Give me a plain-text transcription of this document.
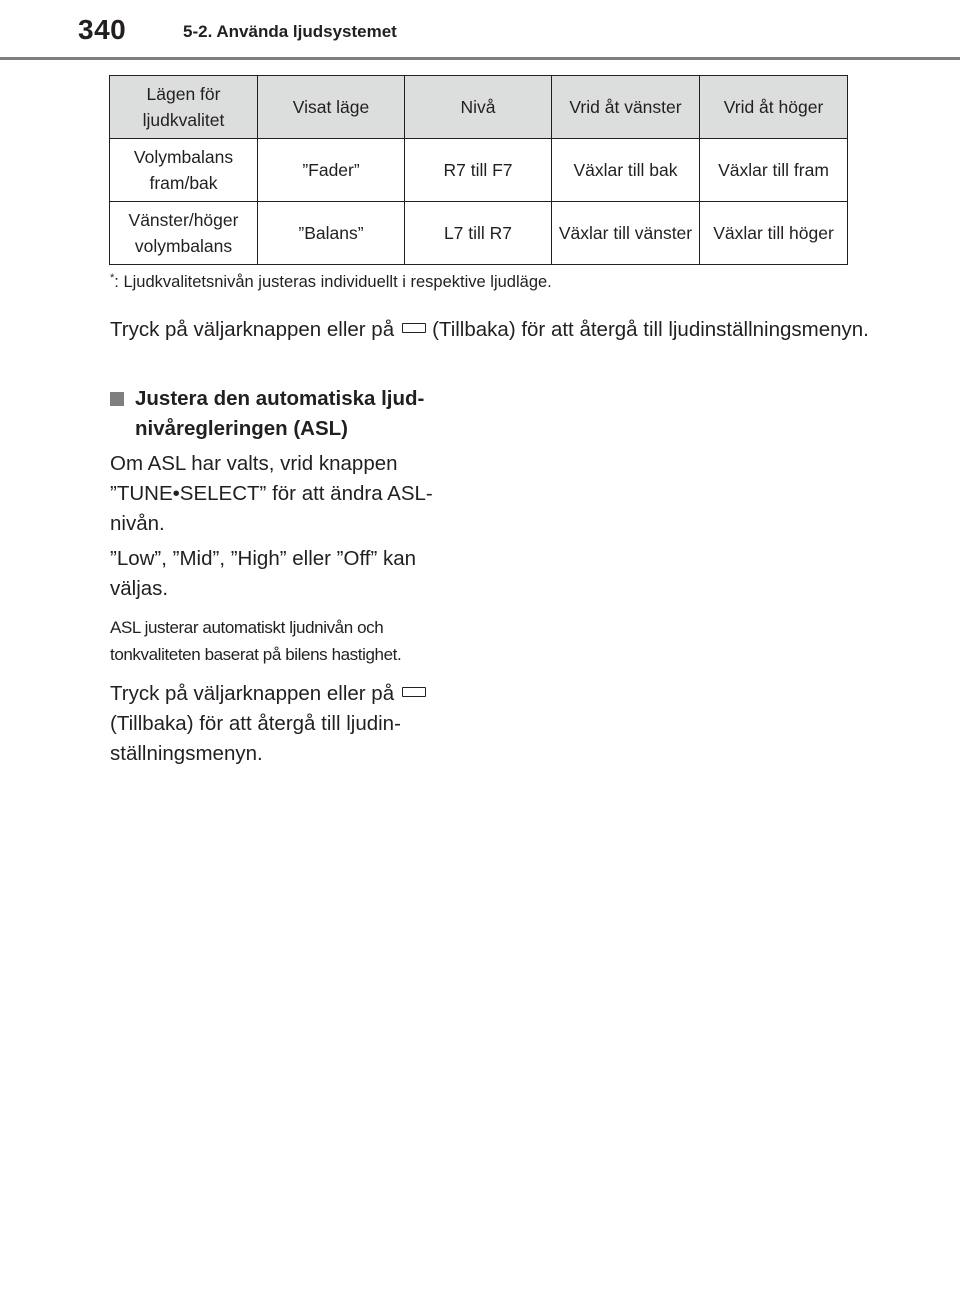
340	5-2. Använda ljudsystemet
Lägen för ljudkvalitet	Visat läge	Nivå	Vrid åt vänster	Vrid åt höger
Volymbalans fram/bak	”Fader”	R7 till F7	Växlar till bak	Växlar till fram
Vänster/höger volymbalans	”Balans”	L7 till R7	Växlar till vänster	Växlar till höger
*: Ljudkvalitetsnivån justeras individuellt i respektive ljudläge.

Tryck på väljarknappen eller på (Tillbaka) för att återgå till ljudinställningsmenyn.

Justera den automatiska ljud-
nivåregleringen (ASL)

Om ASL har valts, vrid knappen ”TUNE•SELECT” för att ändra ASL-nivån.

”Low”, ”Mid”, ”High” eller ”Off” kan väljas.

ASL justerar automatiskt ljudnivån och tonkvaliteten baserat på bilens hastighet.

Tryck på väljarknappen eller på(Tillbaka) för att återgå till ljudinställningsmenyn.
